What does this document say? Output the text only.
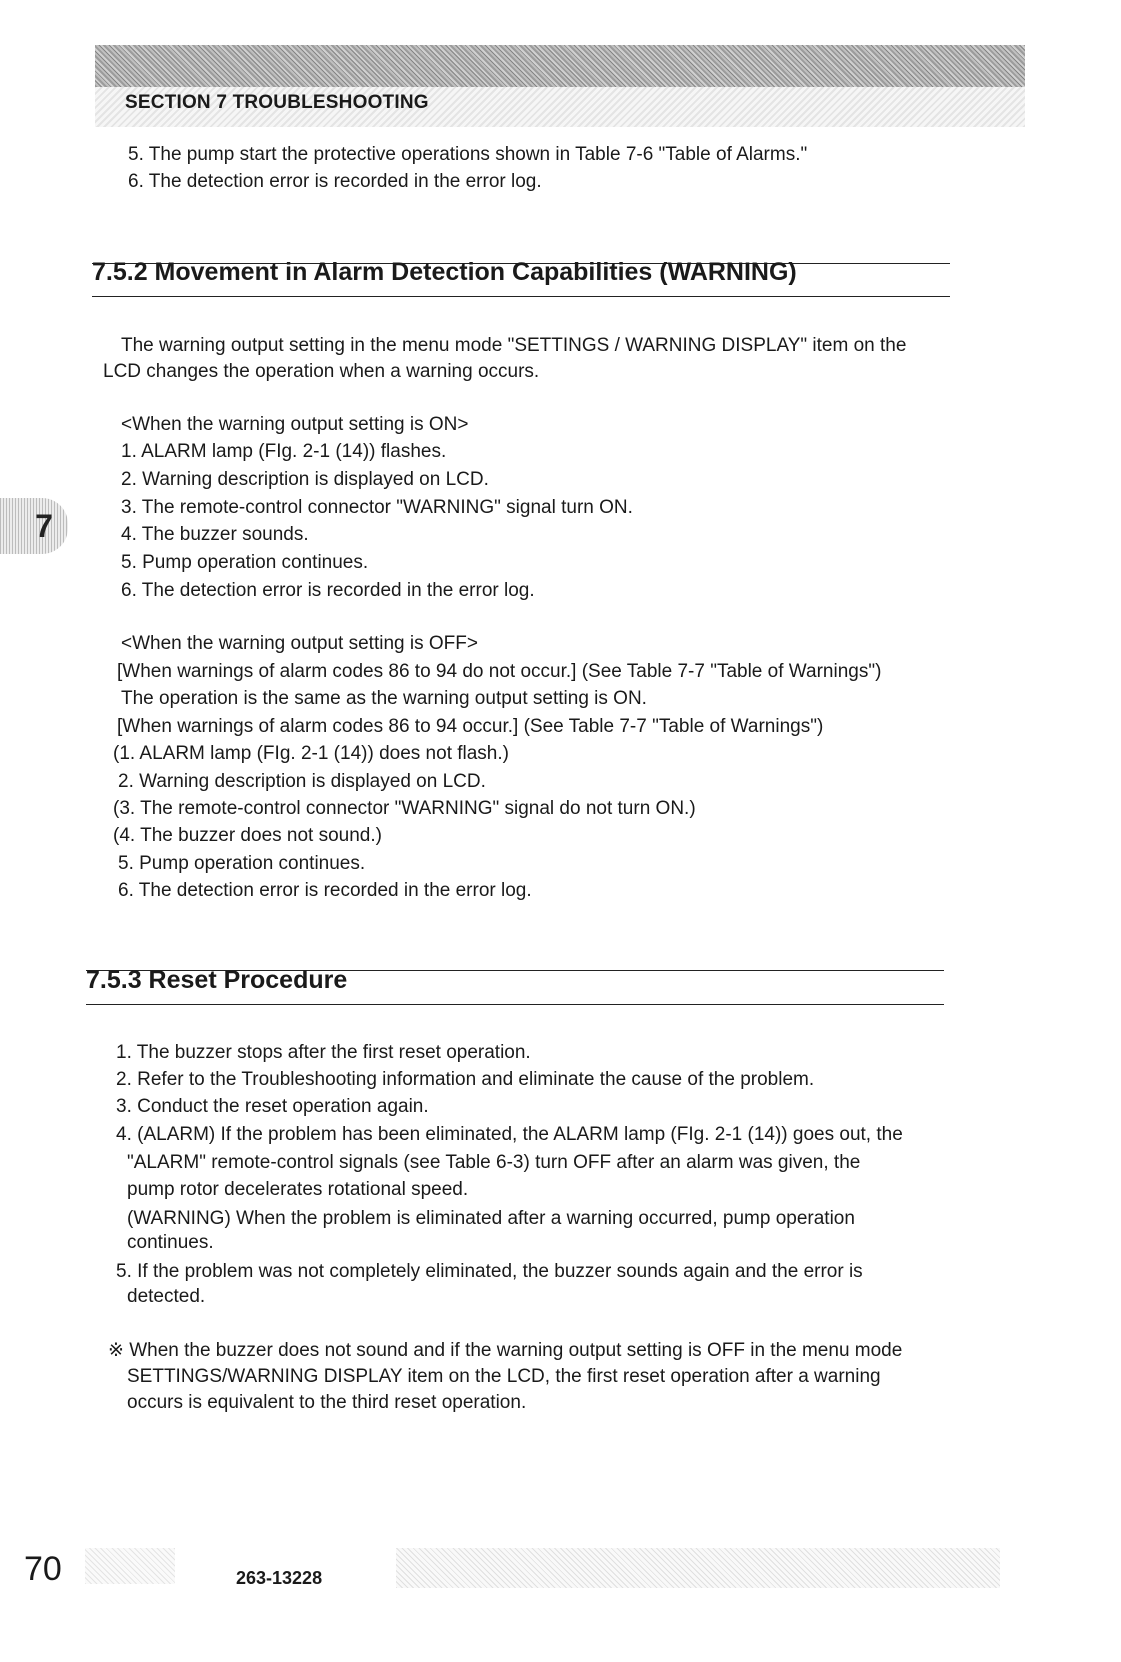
SECTION 7 TROUBLESHOOTING
5. The pump start the protective operations shown in Table 7-6 "Table of Alarms."
6. The detection error is recorded in the error log.
7.5.2 Movement in Alarm Detection Capabilities (WARNING)
The warning output setting in the menu mode "SETTINGS / WARNING DISPLAY" item on the
LCD changes the operation when a warning occurs.
<When the warning output setting is ON>
1. ALARM lamp (FIg. 2-1 (14)) flashes.
2. Warning description is displayed on LCD.
3. The remote-control connector "WARNING" signal turn ON.
4. The buzzer sounds.
5. Pump operation continues.
6. The detection error is recorded in the error log.
<When the warning output setting is OFF>
[When warnings of alarm codes 86 to 94 do not occur.] (See Table 7-7 "Table of Warnings")
The operation is the same as the warning output setting is ON.
[When warnings of alarm codes 86 to 94 occur.] (See Table 7-7 "Table of Warnings")
(1. ALARM lamp (FIg. 2-1 (14)) does not flash.)
2. Warning description is displayed on LCD.
(3. The remote-control connector "WARNING" signal do not turn ON.)
(4. The buzzer does not sound.)
5. Pump operation continues.
6. The detection error is recorded in the error log.
7.5.3 Reset Procedure
1. The buzzer stops after the first reset operation.
2. Refer to the Troubleshooting information and eliminate the cause of the problem.
3. Conduct the reset operation again.
4. (ALARM) If the problem has been eliminated, the ALARM lamp (FIg. 2-1 (14)) goes out, the
"ALARM" remote-control signals (see Table 6-3) turn OFF after an alarm was given, the
pump rotor decelerates rotational speed.
(WARNING) When the problem is eliminated after a warning occurred, pump operation
continues.
5. If the problem was not completely eliminated, the buzzer sounds again and the error is
detected.
※ When the buzzer does not sound and if the warning output setting is OFF in the menu mode
SETTINGS/WARNING DISPLAY item on the LCD, the first reset operation after a warning
occurs is equivalent to the third reset operation.
7
70	263-13228
